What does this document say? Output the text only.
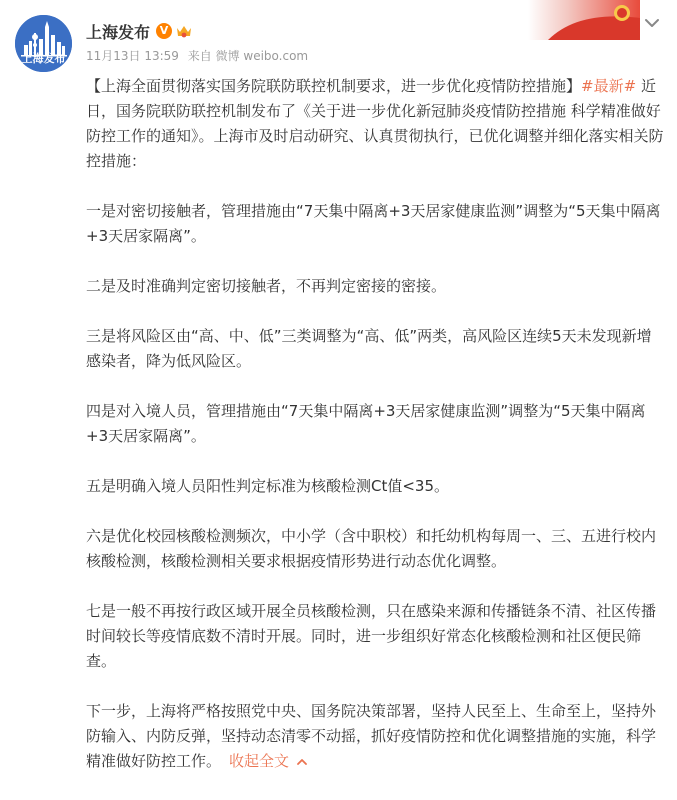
上海发布
上海发布 V
11月13日 13:59 来自 微博 weibo.com

【上海全面贯彻落实国务院联防联控机制要求，进一步优化疫情防控措施】#最新# 近日，国务院联防联控机制发布了《关于进一步优化新冠肺炎疫情防控措施 科学精准做好防控工作的通知》。上海市及时启动研究、认真贯彻执行，已优化调整并细化落实相关防控措施：

一是对密切接触者，管理措施由“7天集中隔离+3天居家健康监测”调整为“5天集中隔离+3天居家隔离”。

二是及时准确判定密切接触者，不再判定密接的密接。

三是将风险区由“高、中、低”三类调整为“高、低”两类，高风险区连续5天未发现新增感染者，降为低风险区。

四是对入境人员，管理措施由“7天集中隔离+3天居家健康监测”调整为“5天集中隔离+3天居家隔离”。

五是明确入境人员阳性判定标准为核酸检测Ct值<35。

六是优化校园核酸检测频次，中小学（含中职校）和托幼机构每周一、三、五进行校内核酸检测，核酸检测相关要求根据疫情形势进行动态优化调整。

七是一般不再按行政区域开展全员核酸检测，只在感染来源和传播链条不清、社区传播时间较长等疫情底数不清时开展。同时，进一步组织好常态化核酸检测和社区便民筛查。

下一步，上海将严格按照党中央、国务院决策部署，坚持人民至上、生命至上，坚持外防输入、内防反弹，坚持动态清零不动摇，抓好疫情防控和优化调整措施的实施，科学精准做好防控工作。 收起全文
